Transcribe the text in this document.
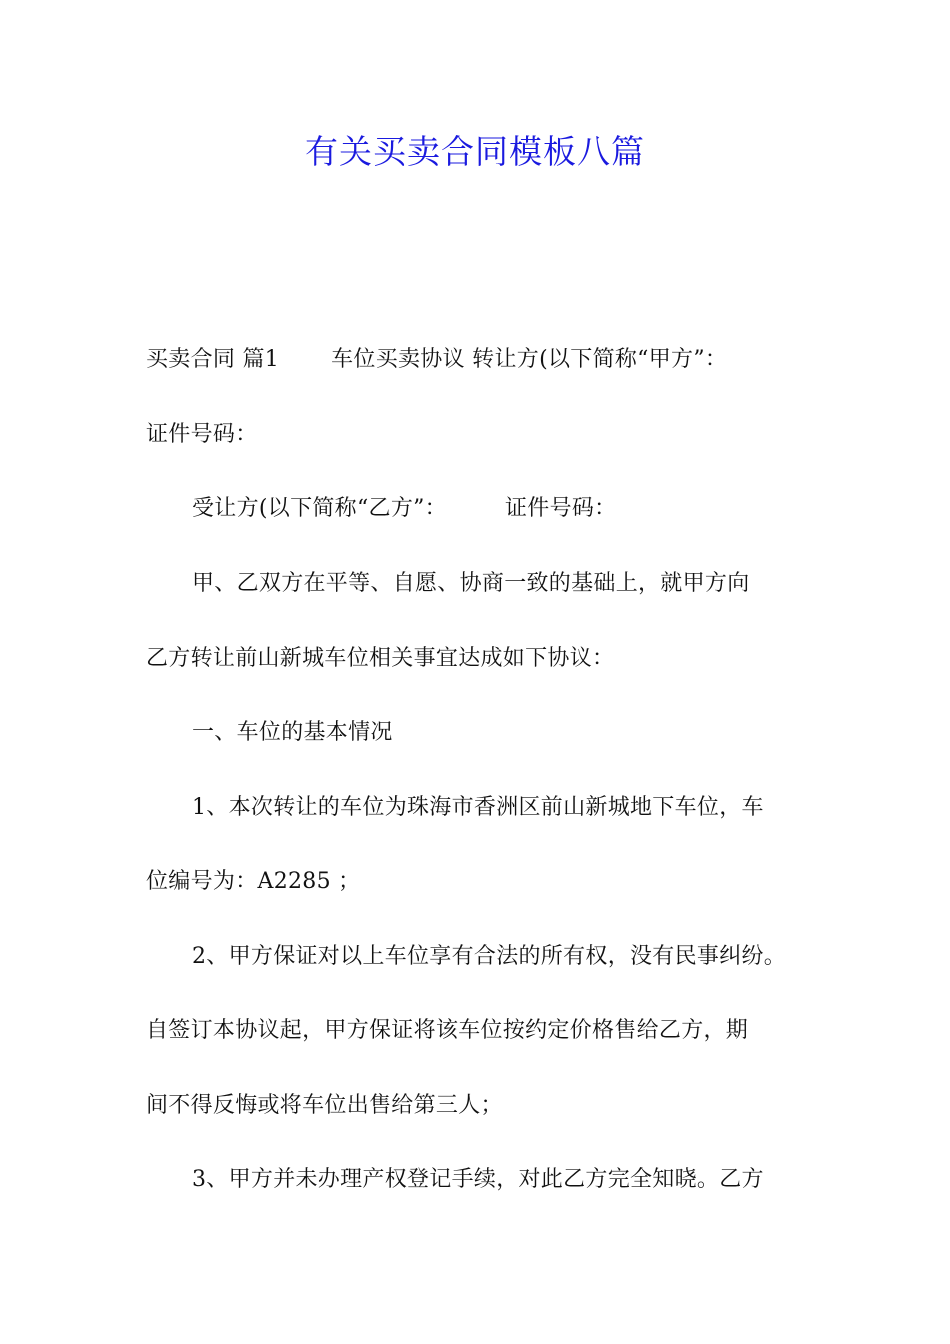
有关买卖合同模板八篇
买卖合同 篇1 车位买卖协议 转让方(以下简称“甲方”：
证件号码：
受让方(以下简称“乙方”：	证件号码：
甲、乙双方在平等、自愿、协商一致的基础上，就甲方向
乙方转让前山新城车位相关事宜达成如下协议：
一、车位的基本情况
1、本次转让的车位为珠海市香洲区前山新城地下车位，车
位编号为：A2285 ；
2、甲方保证对以上车位享有合法的所有权，没有民事纠纷。
自签订本协议起，甲方保证将该车位按约定价格售给乙方，期
间不得反悔或将车位出售给第三人；
3、甲方并未办理产权登记手续，对此乙方完全知晓。乙方
